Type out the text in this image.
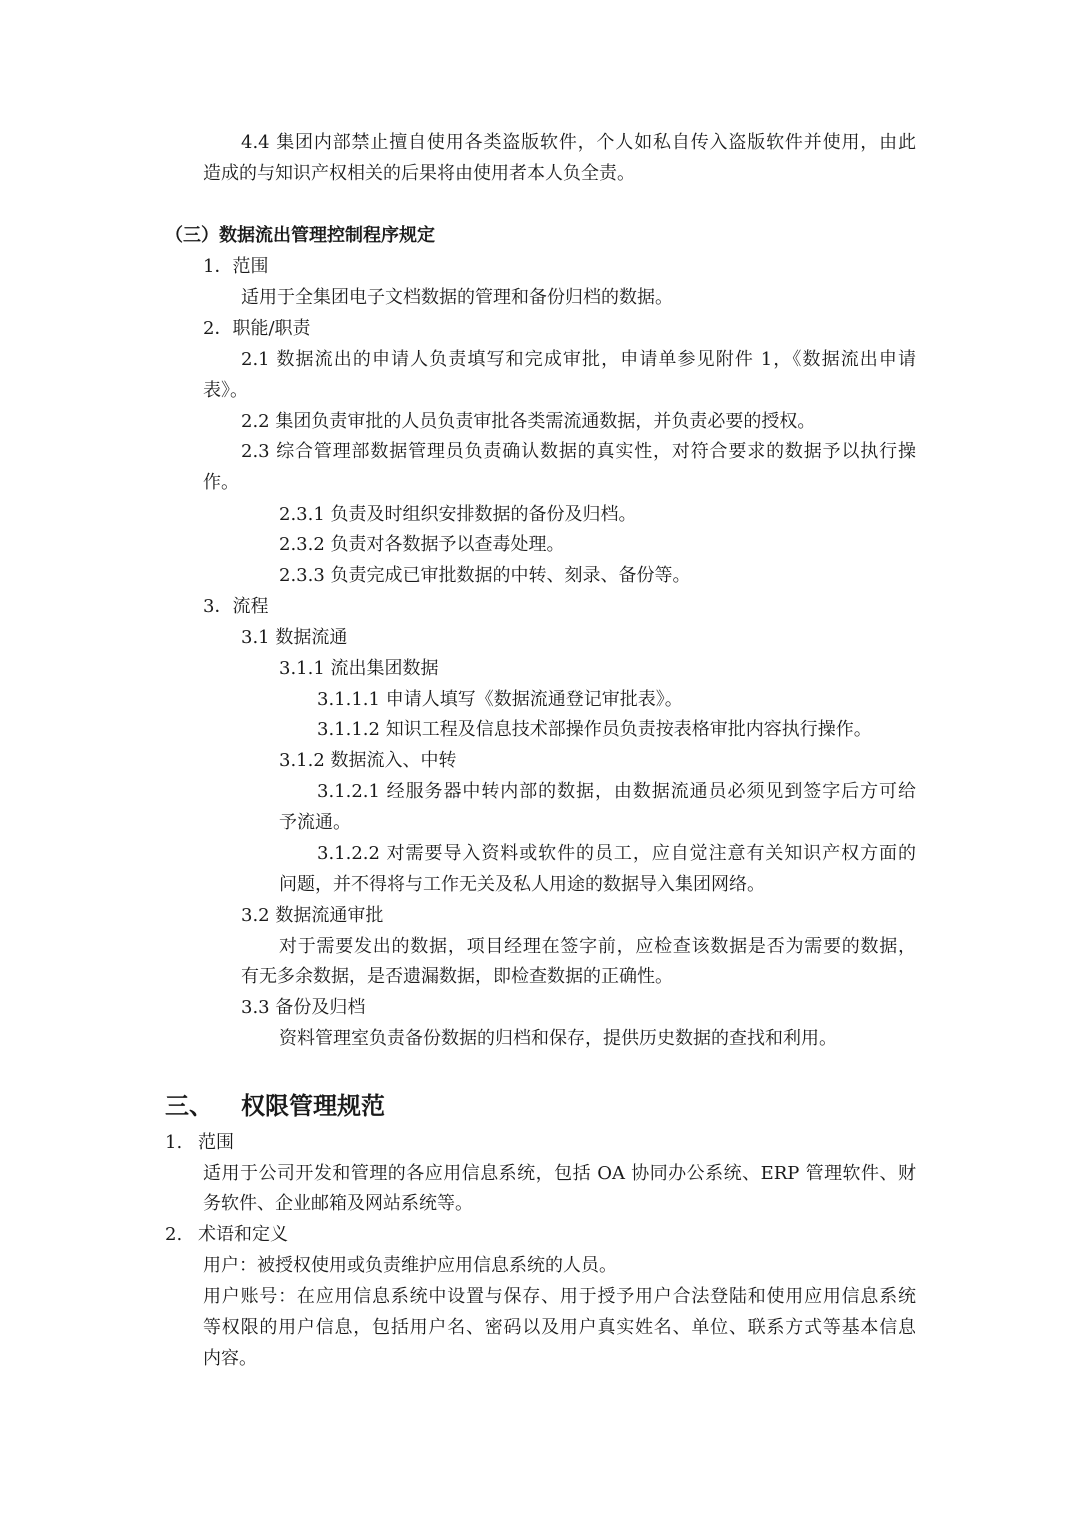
4.4 集团内部禁止擅自使用各类盗版软件，个人如私自传入盗版软件并使用，由此
造成的与知识产权相关的后果将由使用者本人负全责。
（三）数据流出管理控制程序规定
1．范围
适用于全集团电子文档数据的管理和备份归档的数据。
2．职能/职责
2.1 数据流出的申请人负责填写和完成审批，申请单参见附件 1，《数据流出申请
表》。
2.2 集团负责审批的人员负责审批各类需流通数据，并负责必要的授权。
2.3 综合管理部数据管理员负责确认数据的真实性，对符合要求的数据予以执行操
作。
2.3.1 负责及时组织安排数据的备份及归档。
2.3.2 负责对各数据予以查毒处理。
2.3.3 负责完成已审批数据的中转、刻录、备份等。
3．流程
3.1 数据流通
3.1.1 流出集团数据
3.1.1.1 申请人填写《数据流通登记审批表》。
3.1.1.2 知识工程及信息技术部操作员负责按表格审批内容执行操作。
3.1.2 数据流入、中转
3.1.2.1 经服务器中转内部的数据，由数据流通员必须见到签字后方可给
予流通。
3.1.2.2 对需要导入资料或软件的员工，应自觉注意有关知识产权方面的
问题，并不得将与工作无关及私人用途的数据导入集团网络。
3.2 数据流通审批
对于需要发出的数据，项目经理在签字前，应检查该数据是否为需要的数据，
有无多余数据，是否遗漏数据，即检查数据的正确性。
3.3 备份及归档
资料管理室负责备份数据的归档和保存，提供历史数据的查找和利用。
三、 权限管理规范
1. 范围
适用于公司开发和管理的各应用信息系统，包括 OA 协同办公系统、ERP 管理软件、财
务软件、企业邮箱及网站系统等。
2. 术语和定义
用户：被授权使用或负责维护应用信息系统的人员。
用户账号：在应用信息系统中设置与保存、用于授予用户合法登陆和使用应用信息系统
等权限的用户信息，包括用户名、密码以及用户真实姓名、单位、联系方式等基本信息
内容。
